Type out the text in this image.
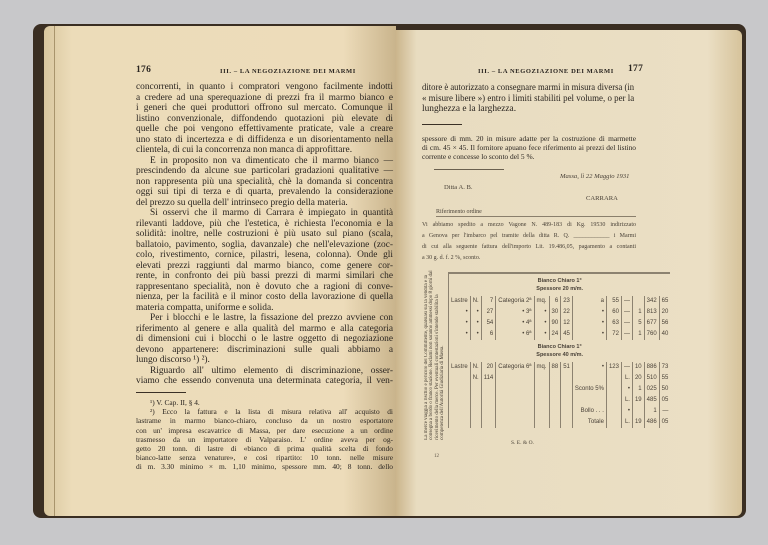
176	III. – LA NEGOZIAZIONE DEI MARMI
concorrenti, in quanto i compratori vengono facilmente indotti
a credere ad una sperequazione di prezzi fra il marmo bianco e
i generi che quei produttori offrono sul mercato. Comunque il
listino convenzionale, diffondendo quotazioni più elevate di
quelle che poi vengono effettivamente praticate, vale a creare
uno stato di incertezza e di diffidenza e un disorientamento nella
clientela, di cui la concorrenza non manca di approfittare.
E in proposito non va dimenticato che il marmo bianco —
prescindendo da alcune sue particolari gradazioni qualitative —
non rappresenta più una specialità, chè la domanda si concentra
oggi sui tipi di terza e di quarta, prevalendo la considerazione
del prezzo su quella dell' intrinseco pregio della materia.
Si osservi che il marmo di Carrara è impiegato in quantità
rilevanti laddove, più che l'estetica, è richiesta l'economia e la
solidità: inoltre, nelle costruzioni è più usato sul piano (scala,
ballatoio, pavimento, soglia, davanzale) che nell'elevazione (zoc-
colo, rivestimento, cornice, pilastri, lesena, colonna). Onde gli
elevati prezzi raggiunti dal marmo bianco, come genere cor-
rente, in confronto dei più bassi prezzi di marmi similari che
rappresentano specialità, non è dovuto che a ragioni di conve-
nienza, per la facilità e il minor costo della lavorazione di quella
materia compatta, uniforme e solida.
Per i blocchi e le lastre, la fissazione del prezzo avviene con
riferimento al genere e alla qualità del marmo e alla categoria
di dimensioni cui i blocchi o le lastre oggetto di negoziazione
devono appartenere: discriminazioni sulle quali abbiamo a
lungo discorso ¹) ²).
Riguardo all' ultimo elemento di discriminazione, osser-
viamo che essendo convenuta una determinata categoria, il ven-
¹) V. Cap. II, § 4.
²) Ecco la fattura e la lista di misura relativa all' acquisto di
lastrame in marmo bianco-chiaro, concluso da un nostro esportatore
con un' impresa escavatrice di Massa, per dare esecuzione a un ordine
trasmesso da un importatore di Valparaiso. L' ordine aveva per og-
getto 20 tonn. di lastre di «bianco di prima qualità scelta di fondo
bianco-latte senza venature», e così ripartito: 10 tonn. nelle misure
di m. 3.30 minimo × m. 1,10 minimo, spessore mm. 40; 8 tonn. dello
III. – LA NEGOZIAZIONE DEI MARMI 177
ditore è autorizzato a consegnare marmi in misura diversa (in
« misure libere ») entro i limiti stabiliti pel volume, o per la
lunghezza e la larghezza.
spessore di mm. 20 in misure adatte per la costruzione di marmette
di cm. 45 × 45. Il fornitore apuano fece riferimento ai prezzi del listino
corrente e concesse lo sconto del 5 %.
Massa, lì 22 Maggio 1931
Ditta A. B.
CARRARA
Riferimento ordine
Vi abbiamo spedito a mezzo Vagone N. 489-183 di Kg. 19530 indirizzato
a Genova per l'imbarco pel tramite della ditta R. Q. ____________ i Marmi
di cui alla seguente fattura dell'importo Lit. 19.486,05, pagamento a contanti
a 30 g. d. f. 2 %, sconto.
La merce viaggia a rischio e pericolo del Committente, qualsiasi sia la vendita e la consegna a bordo o franco stazione. Reclami non saranno ammessi dopo 8 giorni dal ricevimento della merce. Per eventuali contestazioni s'intende stabilita la competenza dell'Autorità Giudiziaria di Massa.
12
S. E. & O.
Bianco Chiaro 1°
Spessore 20 m/m.												

Lastre	N.	7	Categoria 2ª	mq.	6	23	a	55	—		342	65
•	•	27	• 3ª	•	30	22	•	60	—	1	813	20
•	•	54	• 4ª	•	90	12	•	63	—	5	677	56
•	•	6	• 6ª	•	24	45	•	72	—	1	760	40

Bianco Chiaro 1°
Spessore 40 m/m.												

Lastre	N.	20	Categoria 6ª	mq.	88	51	•	123	—	10	886	73
	N.	114							L.	20	510	55
							Sconto 5%		•	1	025	50
									L.	19	485	05
							Bollo . . .		•		1	—
							Totale		L.	19	486	05
